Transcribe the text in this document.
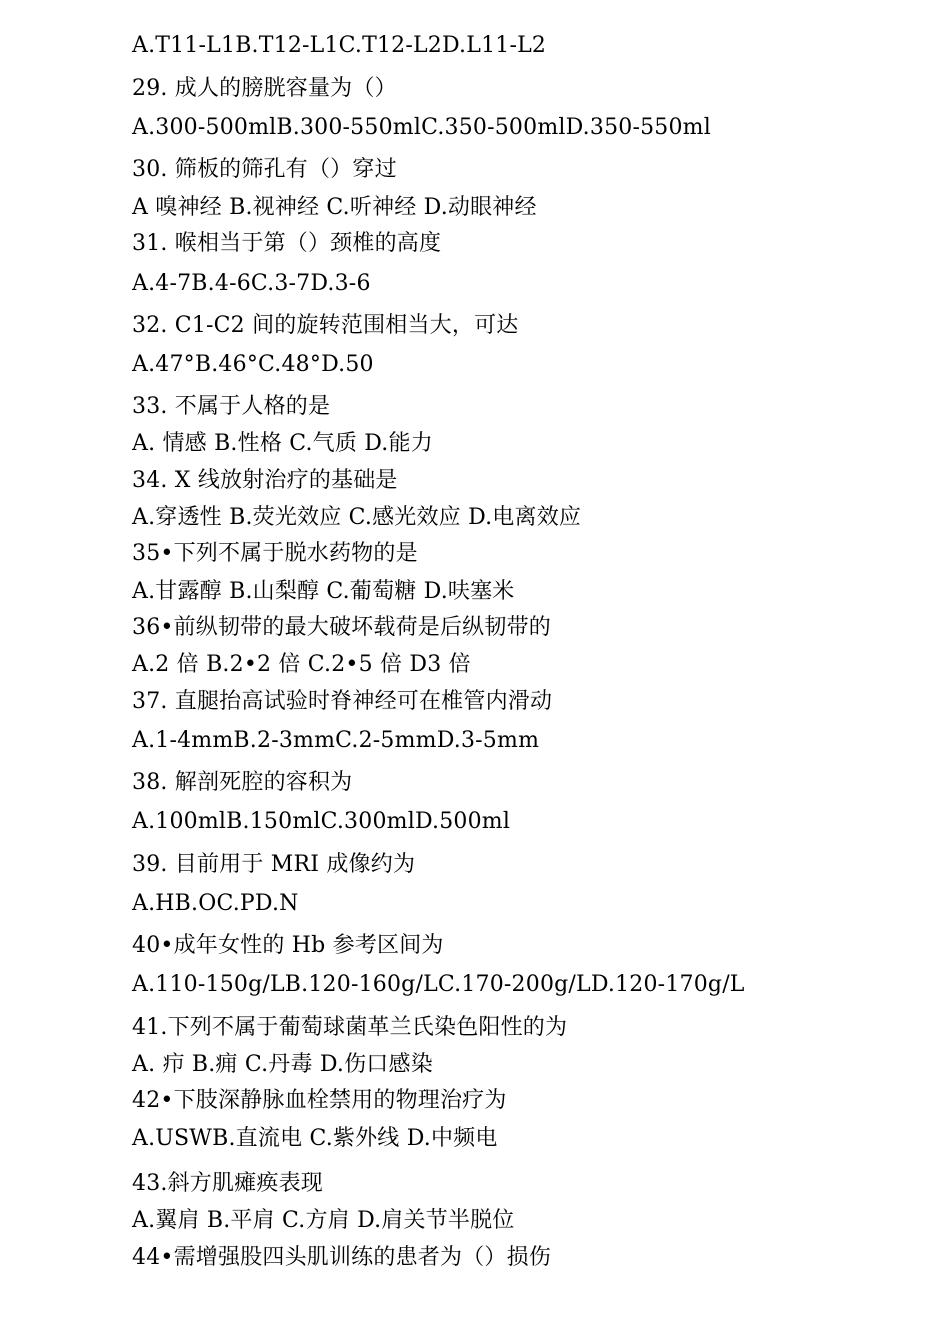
A.T11-L1B.T12-L1C.T12-L2D.L11-L2
29. 成人的膀胱容量为（）
A.300-500mlB.300-550mlC.350-500mlD.350-550ml
30. 筛板的筛孔有（）穿过
A 嗅神经 B.视神经 C.听神经 D.动眼神经
31. 喉相当于第（）颈椎的高度
A.4-7B.4-6C.3-7D.3-6
32. C1-C2 间的旋转范围相当大，可达
A.47°B.46°C.48°D.50
33. 不属于人格的是
A. 情感 B.性格 C.气质 D.能力
34. X 线放射治疗的基础是
A.穿透性 B.荧光效应 C.感光效应 D.电离效应
35•下列不属于脱水药物的是
A.甘露醇 B.山梨醇 C.葡萄糖 D.呋塞米
36•前纵韧带的最大破坏载荷是后纵韧带的
A.2 倍 B.2•2 倍 C.2•5 倍 D3 倍
37. 直腿抬高试验时脊神经可在椎管内滑动
A.1-4mmB.2-3mmC.2-5mmD.3-5mm
38. 解剖死腔的容积为
A.100mlB.150mlC.300mlD.500ml
39. 目前用于 MRI 成像约为
A.HB.OC.PD.N
40•成年女性的 Hb 参考区间为
A.110-150g/LB.120-160g/LC.170-200g/LD.120-170g/L
41.下列不属于葡萄球菌革兰氏染色阳性的为
A. 疖 B.痈 C.丹毒 D.伤口感染
42•下肢深静脉血栓禁用的物理治疗为
A.USWB.直流电 C.紫外线 D.中频电
43.斜方肌瘫痪表现
A.翼肩 B.平肩 C.方肩 D.肩关节半脱位
44•需增强股四头肌训练的患者为（）损伤
